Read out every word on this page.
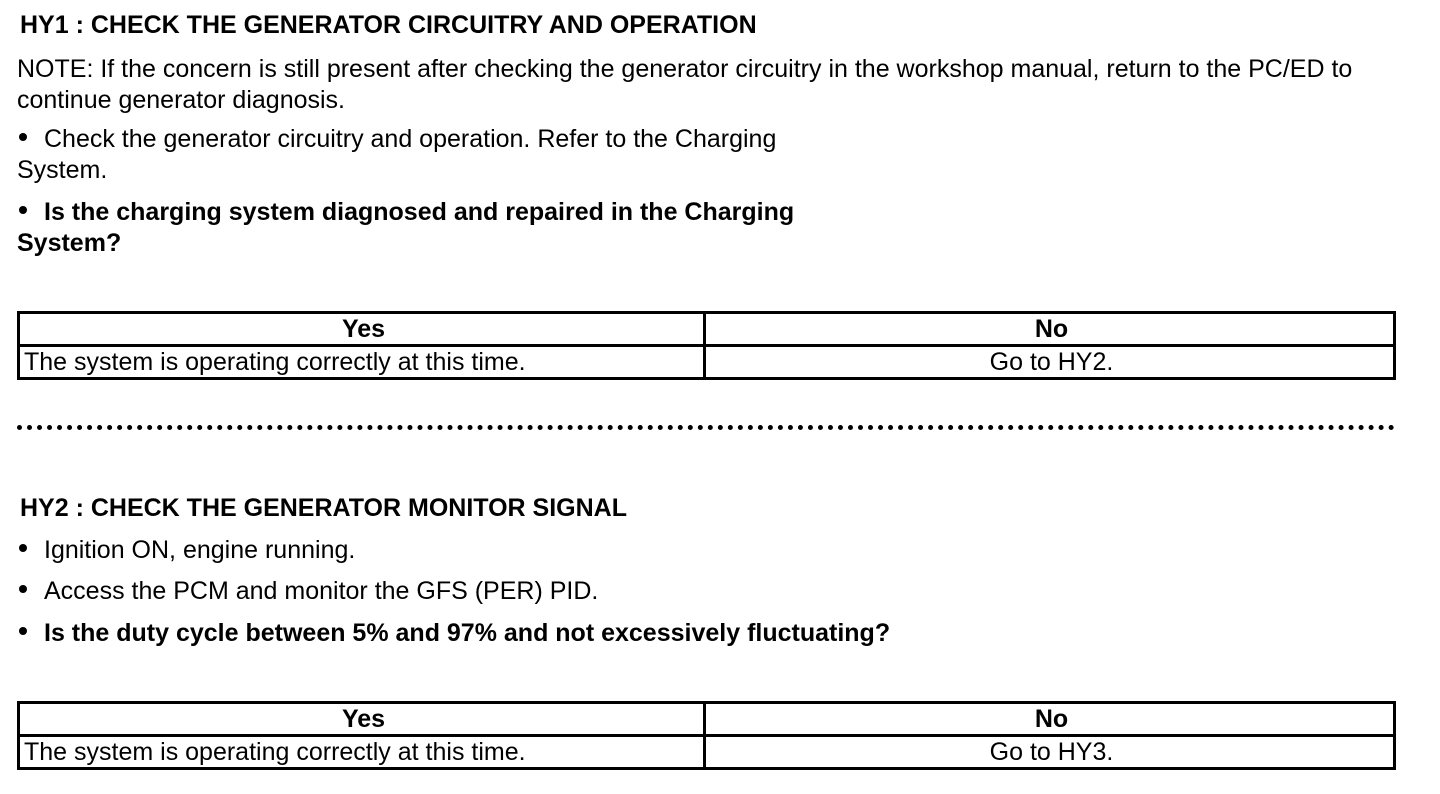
HY1 : CHECK THE GENERATOR CIRCUITRY AND OPERATION
NOTE: If the concern is still present after checking the generator circuitry in the workshop manual, return to the PC/ED to continue generator diagnosis.
Check the generator circuitry and operation. Refer to the Charging
System.
Is the charging system diagnosed and repaired in the Charging
System?
Yes	No
The system is operating correctly at this time.	Go to HY2.
HY2 : CHECK THE GENERATOR MONITOR SIGNAL
Ignition ON, engine running.
Access the PCM and monitor the GFS (PER) PID.
Is the duty cycle between 5% and 97% and not excessively fluctuating?
Yes	No
The system is operating correctly at this time.	Go to HY3.
